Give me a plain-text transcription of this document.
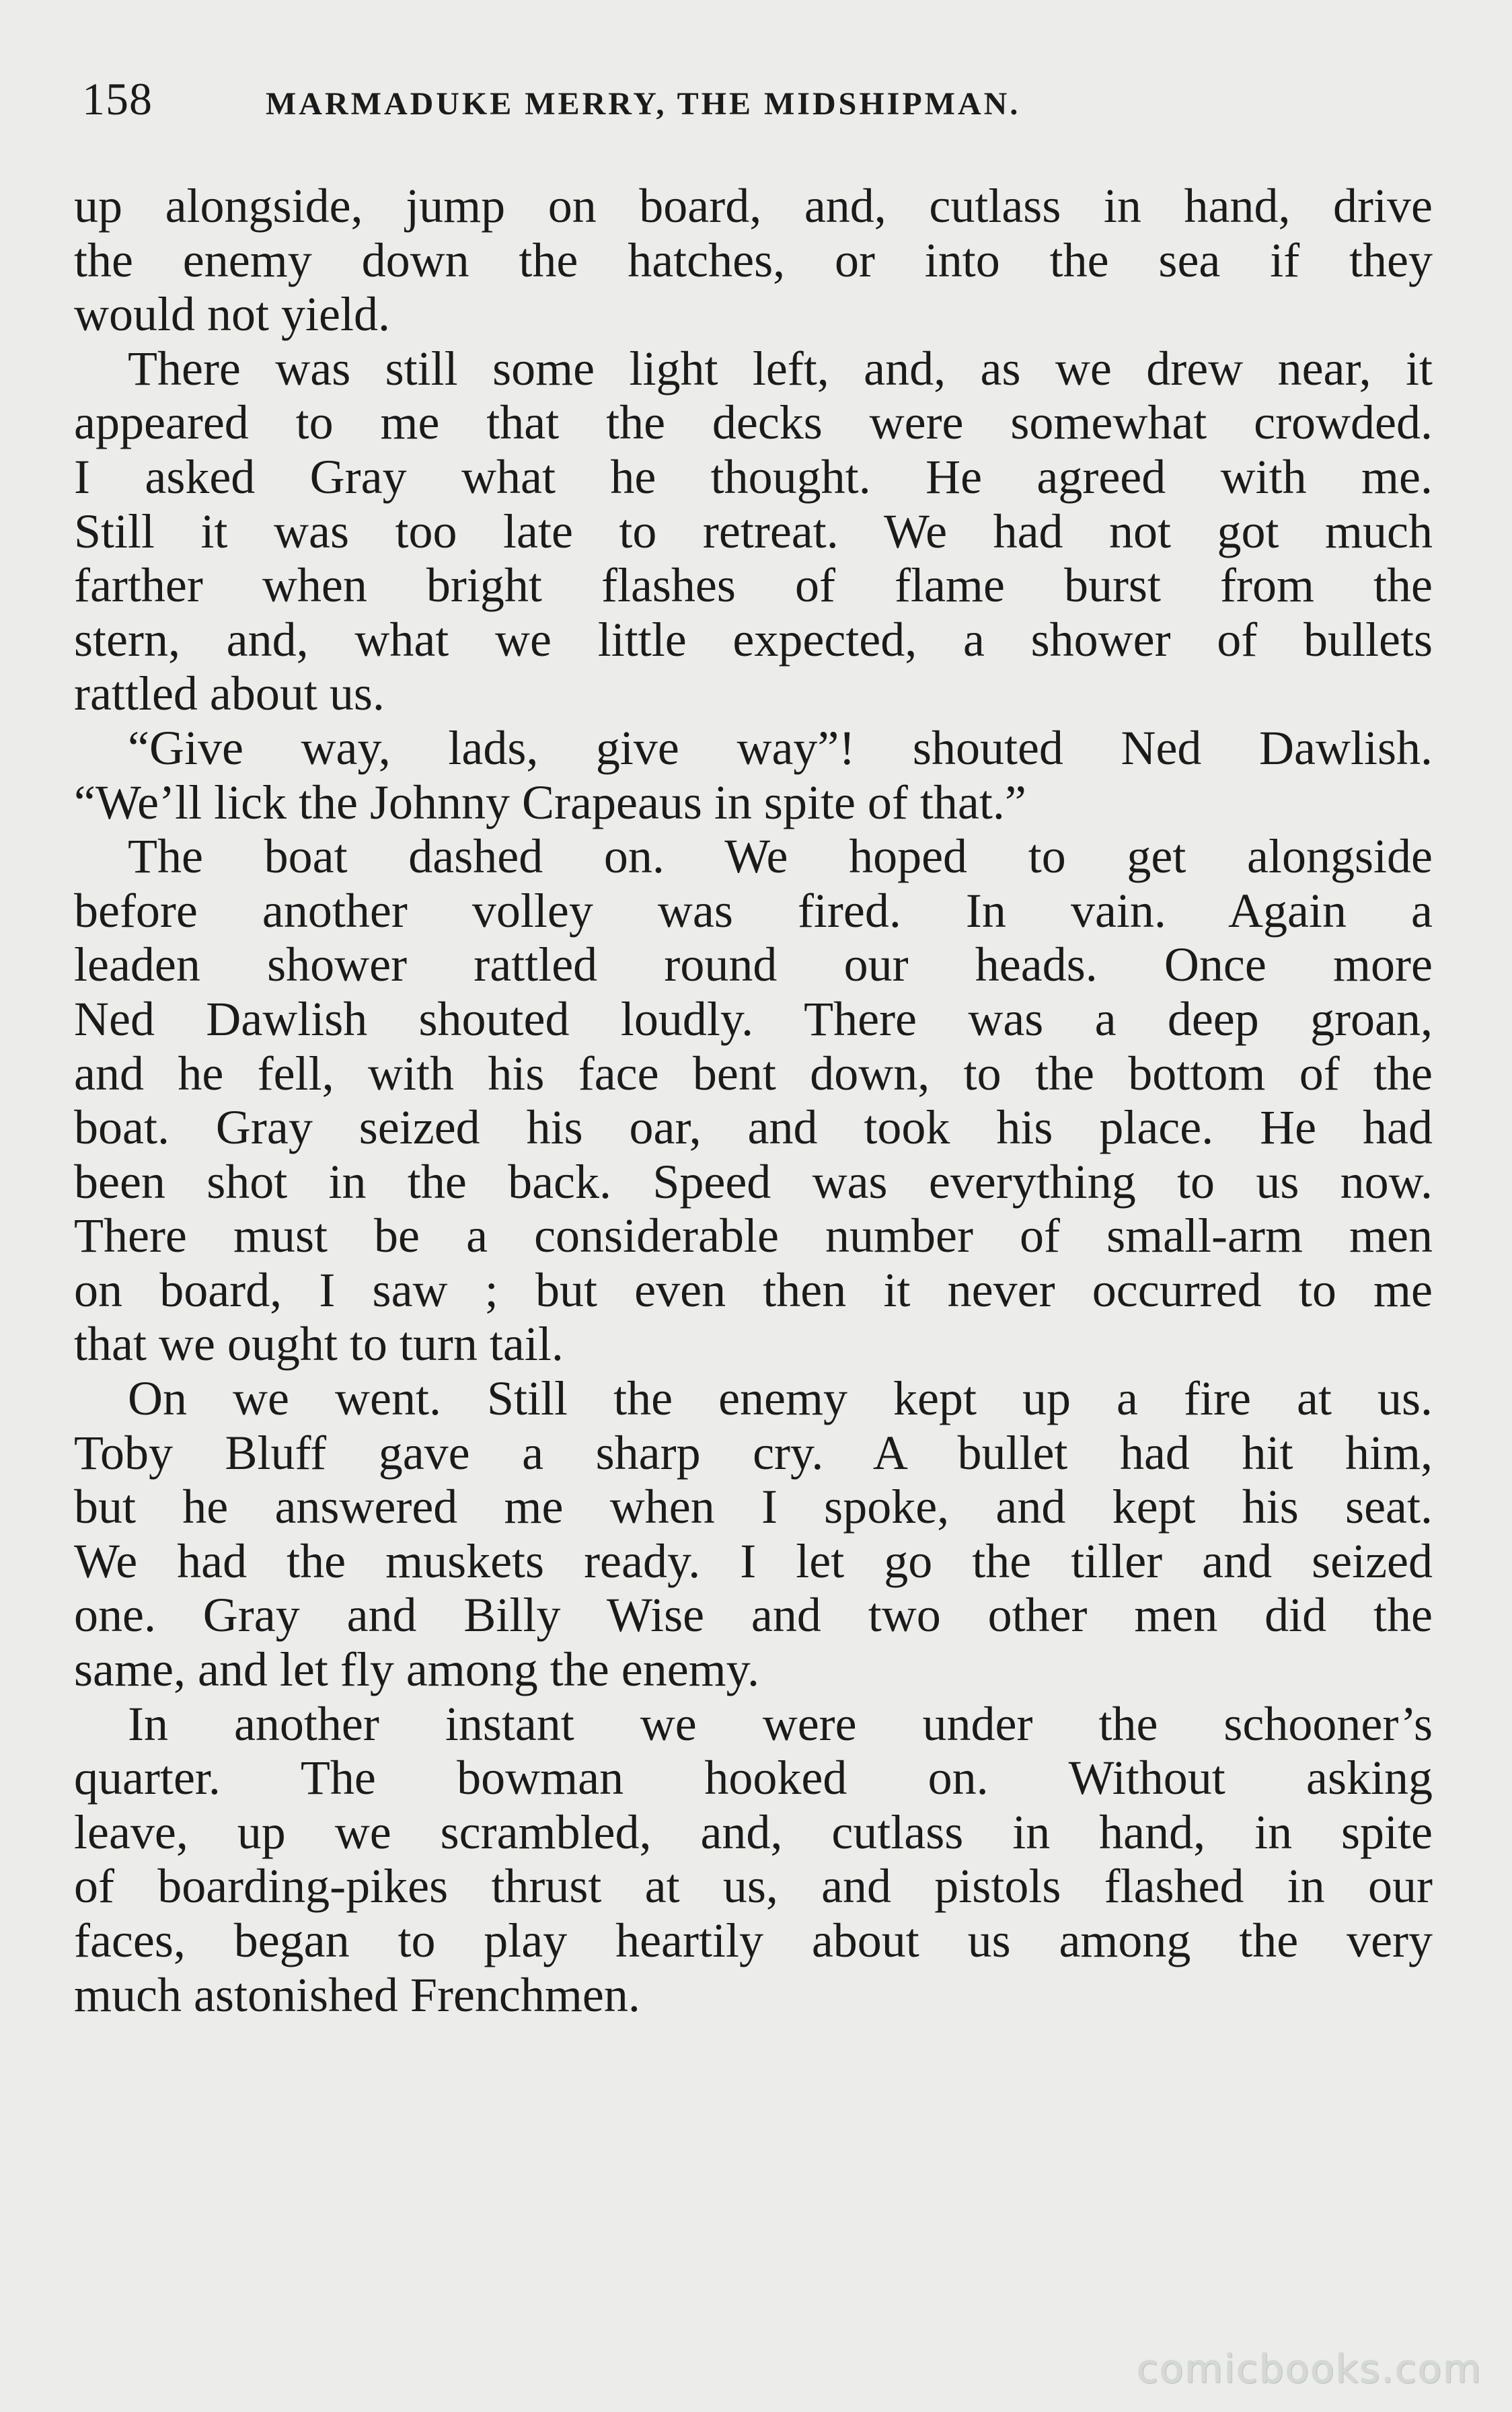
158	MARMADUKE MERRY, THE MIDSHIPMAN.
up alongside, jump on board, and, cutlass in hand, drive
the enemy down the hatches, or into the sea if they
would not yield.
There was still some light left, and, as we drew near, it
appeared to me that the decks were somewhat crowded.
I asked Gray what he thought. He agreed with me.
Still it was too late to retreat. We had not got much
farther when bright flashes of flame burst from the
stern, and, what we little expected, a shower of bullets
rattled about us.
“Give way, lads, give way”! shouted Ned Dawlish.
“We’ll lick the Johnny Crapeaus in spite of that.”
The boat dashed on. We hoped to get alongside
before another volley was fired. In vain. Again a
leaden shower rattled round our heads. Once more
Ned Dawlish shouted loudly. There was a deep groan,
and he fell, with his face bent down, to the bottom of the
boat. Gray seized his oar, and took his place. He had
been shot in the back. Speed was everything to us now.
There must be a considerable number of small-arm men
on board, I saw ; but even then it never occurred to me
that we ought to turn tail.
On we went. Still the enemy kept up a fire at us.
Toby Bluff gave a sharp cry. A bullet had hit him,
but he answered me when I spoke, and kept his seat.
We had the muskets ready. I let go the tiller and seized
one. Gray and Billy Wise and two other men did the
same, and let fly among the enemy.
In another instant we were under the schooner’s
quarter. The bowman hooked on. Without asking
leave, up we scrambled, and, cutlass in hand, in spite
of boarding-pikes thrust at us, and pistols flashed in our
faces, began to play heartily about us among the very
much astonished Frenchmen.
comicbooks.com
